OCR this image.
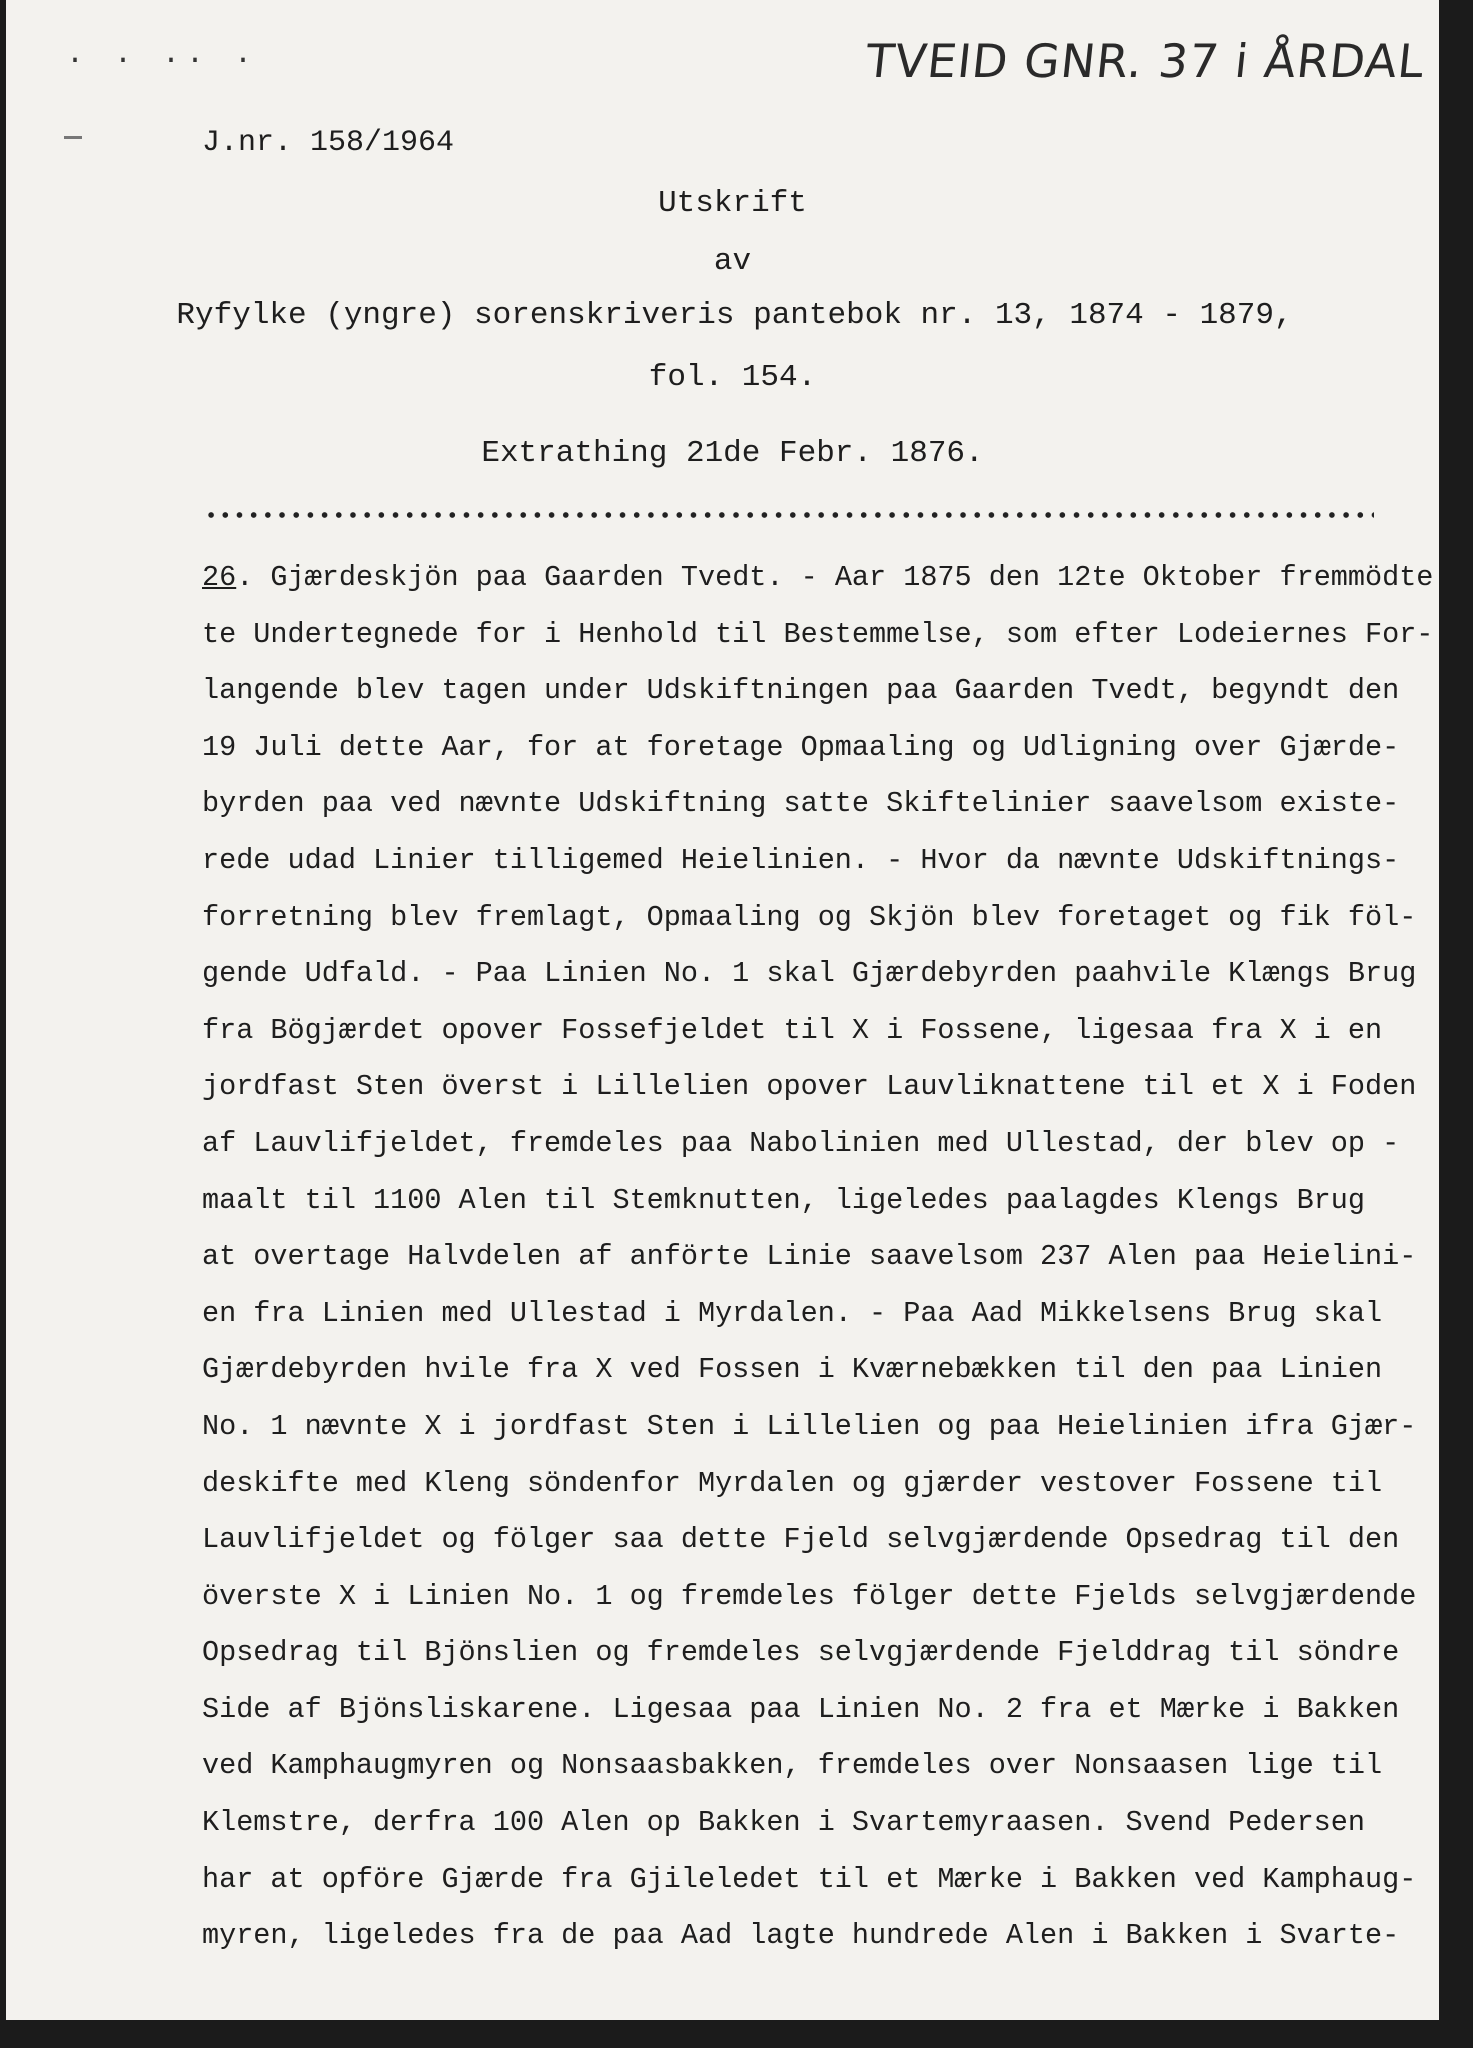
. . .. .	TVEID GNR. 37 i ÅRDAL
J.nr. 158/1964
Utskrift
av
Ryfylke (yngre) sorenskriveris pantebok nr. 13, 1874 - 1879,
fol. 154.
Extrathing 21de Febr. 1876.
26. Gjærdeskjön paa Gaarden Tvedt. - Aar 1875 den 12te Oktober fremmödte
te Undertegnede for i Henhold til Bestemmelse, som efter Lodeiernes For-
langende blev tagen under Udskiftningen paa Gaarden Tvedt, begyndt den
19 Juli dette Aar, for at foretage Opmaaling og Udligning over Gjærde-
byrden paa ved nævnte Udskiftning satte Skiftelinier saavelsom existe-
rede udad Linier tilligemed Heielinien. - Hvor da nævnte Udskiftnings-
forretning blev fremlagt, Opmaaling og Skjön blev foretaget og fik föl-
gende Udfald. - Paa Linien No. 1 skal Gjærdebyrden paahvile Klængs Brug
fra Bögjærdet opover Fossefjeldet til X i Fossene, ligesaa fra X i en
jordfast Sten överst i Lillelien opover Lauvliknattene til et X i Foden
af Lauvlifjeldet, fremdeles paa Nabolinien med Ullestad, der blev op -
maalt til 1100 Alen til Stemknutten, ligeledes paalagdes Klengs Brug
at overtage Halvdelen af anförte Linie saavelsom 237 Alen paa Heielini-
en fra Linien med Ullestad i Myrdalen. - Paa Aad Mikkelsens Brug skal
Gjærdebyrden hvile fra X ved Fossen i Kværnebækken til den paa Linien
No. 1 nævnte X i jordfast Sten i Lillelien og paa Heielinien ifra Gjær-
deskifte med Kleng söndenfor Myrdalen og gjærder vestover Fossene til
Lauvlifjeldet og fölger saa dette Fjeld selvgjærdende Opsedrag til den
överste X i Linien No. 1 og fremdeles fölger dette Fjelds selvgjærdende
Opsedrag til Bjönslien og fremdeles selvgjærdende Fjelddrag til söndre
Side af Bjönsliskarene. Ligesaa paa Linien No. 2 fra et Mærke i Bakken
ved Kamphaugmyren og Nonsaasbakken, fremdeles over Nonsaasen lige til
Klemstre, derfra 100 Alen op Bakken i Svartemyraasen. Svend Pedersen
har at opföre Gjærde fra Gjileledet til et Mærke i Bakken ved Kamphaug-
myren, ligeledes fra de paa Aad lagte hundrede Alen i Bakken i Svarte-
